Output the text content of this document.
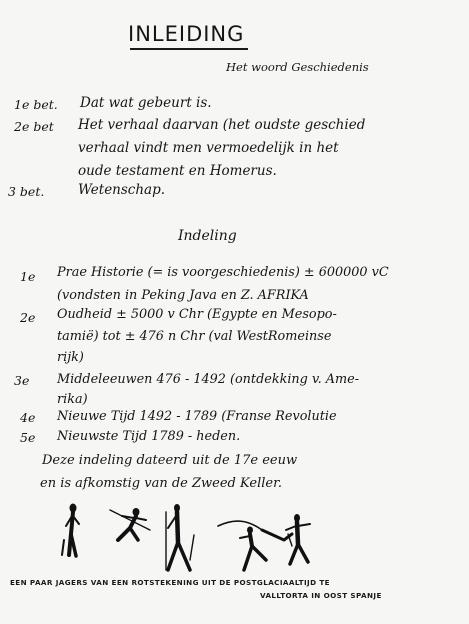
INLEIDING
Het woord Geschiedenis
1e bet. Dat wat gebeurt is.
2e bet Het verhaal daarvan (het oudste geschied
verhaal vindt men vermoedelijk in het
oude testament en Homerus.
3 bet. Wetenschap.
Indeling
1e Prae Historie (= is voorgeschiedenis) ± 600000 vC
(vondsten in Peking Java en Z. AFRIKA
2e Oudheid ± 5000 v Chr (Egypte en Mesopo-
tamië) tot ± 476 n Chr (val WestRomeinse
rijk)
3e Middeleeuwen 476 - 1492 (ontdekking v. Ame-
rika)
4e Nieuwe Tijd 1492 - 1789 (Franse Revolutie
5e Nieuwste Tijd 1789 - heden.
Deze indeling dateerd uit de 17e eeuw
en is afkomstig van de Zweed Keller.
EEN PAAR JAGERS VAN EEN ROTSTEKENING UIT DE POSTGLACIAALTIJD TE
VALLTORTA IN OOST SPANJE
